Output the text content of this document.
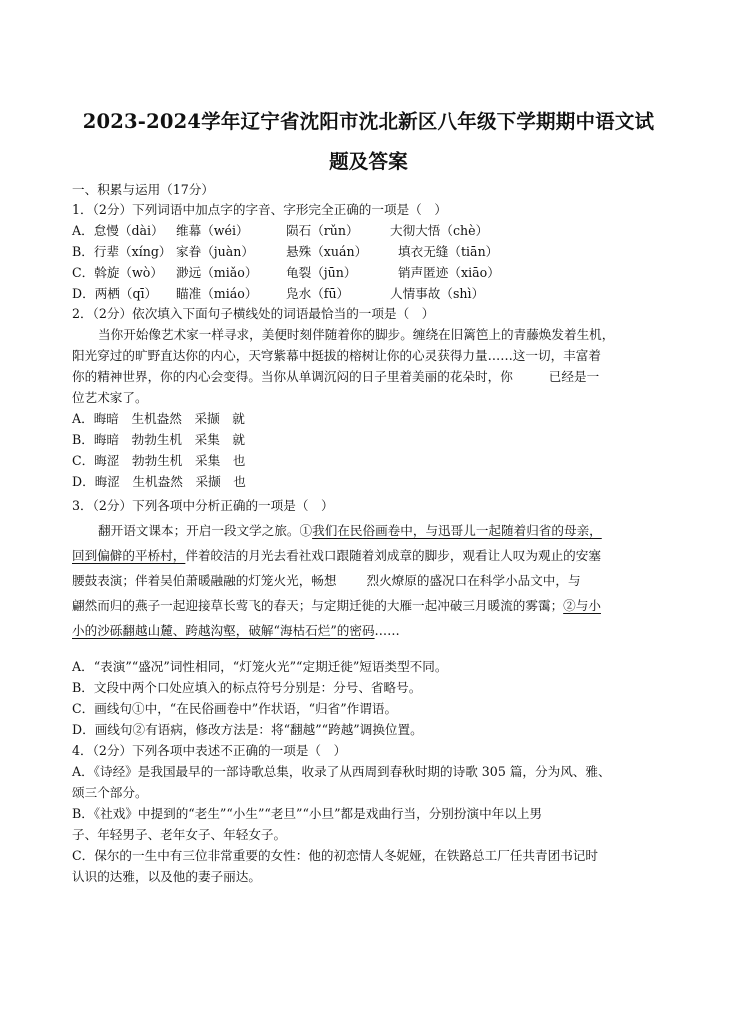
2023-2024学年辽宁省沈阳市沈北新区八年级下学期期中语文试
题及答案
一、积累与运用（17分）
1．（2分）下列词语中加点字的字音、字形完全正确的一项是（　）
A．怠慢（dài） 维幕（wéi）	陨石（rǔn） 大彻大悟（chè）
B．行辈（xíng） 家眷（juàn）	悬殊（xuán） 填衣无缝（tiān）
C．斡旋（wò） 渺远（miǎo） 龟裂（jūn）	销声匿迹（xiāo）
D．两栖（qī） 瞄准（miáo） 凫水（fū）	人情事故（shì）
2．（2分）依次填入下面句子横线处的词语最恰当的一项是（　）
当你开始像艺术家一样寻求，美便时刻伴随着你的脚步。缠绕在旧篱笆上的青藤焕发着生机，
阳光穿过的旷野直达你的内心，天穹紫幕中挺拔的榕树让你的心灵获得力量……这一切，丰富着
你的精神世界，你的内心会变得。当你从单调沉闷的日子里着美丽的花朵时，你	已经是一
位艺术家了。
A．晦暗　生机盎然　采撷　就
B．晦暗　勃勃生机　采集　就
C．晦涩　勃勃生机　采集　也
D．晦涩　生机盎然　采撷　也
3．（2分）下列各项中分析正确的一项是（　）
翻开语文课本；开启一段文学之旅。①我们在民俗画卷中，与迅哥儿一起随着归省的母亲，
回到偏僻的平桥村，伴着皎洁的月光去看社戏口跟随着刘成章的脚步，观看让人叹为观止的安塞
腰鼓表演；伴着吴伯萧暖融融的灯笼火光，畅想 烈火燎原的盛况口在科学小品文中，与
翩然而归的燕子一起迎接草长莺飞的春天；与定期迁徙的大雁一起冲破三月暖流的雾霭；②与小
小的沙砾翻越山麓、跨越沟壑，破解“海枯石烂”的密码……
A．“表演”“盛况”词性相同，“灯笼火光”“定期迁徙”短语类型不同。
B．文段中两个口处应填入的标点符号分别是：分号、省略号。
C．画线句①中，“在民俗画卷中”作状语，“归省”作谓语。
D．画线句②有语病，修改方法是：将“翻越”“跨越”调换位置。
4．（2分）下列各项中表述不正确的一项是（　）
A．《诗经》是我国最早的一部诗歌总集，收录了从西周到春秋时期的诗歌 305 篇，分为风、雅、
颂三个部分。
B．《社戏》中提到的“老生”“小生”“老旦”“小旦”都是戏曲行当，分别扮演中年以上男
子、年轻男子、老年女子、年轻女子。
C．保尔的一生中有三位非常重要的女性：他的初恋情人冬妮娅，在铁路总工厂任共青团书记时
认识的达雅，以及他的妻子丽达。
